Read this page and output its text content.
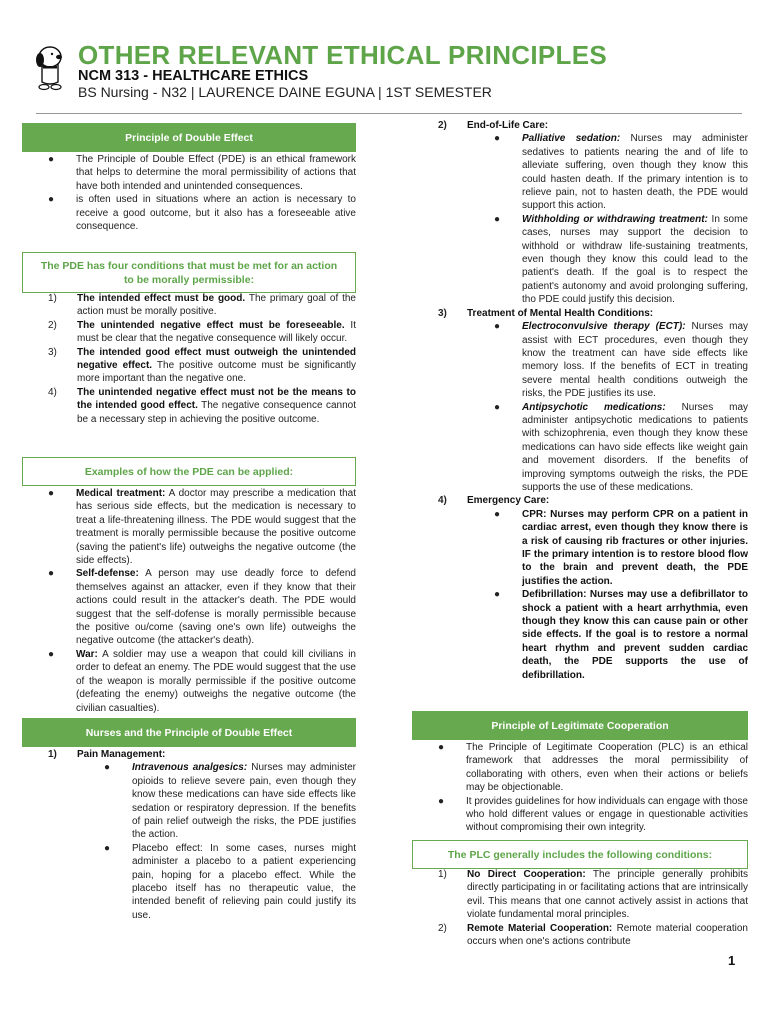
OTHER RELEVANT ETHICAL PRINCIPLES
NCM 313 - HEALTHCARE ETHICS
BS Nursing - N32 | LAURENCE DAINE EGUNA | 1ST SEMESTER
Principle of Double Effect
● The Principle of Double Effect (PDE) is an ethical framework that helps to determine the moral permissibility of actions that have both intended and unintended consequences.
● is often used in situations where an action is necessary to receive a good outcome, but it also has a foreseeable ative consequence.
The PDE has four conditions that must be met for an action to be morally permissible:
1) The intended effect must be good. The primary goal of the action must be morally positive.
2) The unintended negative effect must be foreseeable. It must be clear that the negative consequence will likely occur.
3) The intended good effect must outweigh the unintended negative effect. The positive outcome must be significantly more important than the negative one.
4) The unintended negative effect must not be the means to the intended good effect. The negative consequence cannot be a necessary step in achieving the positive outcome.
Examples of how the PDE can be applied:
● Medical treatment: A doctor may prescribe a medication that has serious side effects, but the medication is necessary to treat a life-threatening illness. The PDE would suggest that the treatment is morally permissible because the positive outcome (saving the patient's life) outweighs the negative outcome (the side effects).
● Self-defense: A person may use deadly force to defend themselves against an attacker, even if they know that their actions could result in the attacker's death. The PDE would suggest that the self-dofense is morally permissible because the positive ou/come (saving one's own life) outweighs the negative outcome (the attacker's death).
● War: A soldier may use a weapon that could kill civilians in order to defeat an enemy. The PDE would suggest that the use of the weapon is morally permissible if the positive outcome (defeating the enemy) outweighs the negative outcome (the civilian casualties).
Nurses and the Principle of Double Effect
1) Pain Management:
● Intravenous analgesics: Nurses may administer opioids to relieve severe pain, even though they know these medications can have side effects like sedation or respiratory depression. If the benefits of pain relief outweigh the risks, the PDE justifies the action.
● Placebo effect: In some cases, nurses might administer a placebo to a patient experiencing pain, hoping for a placebo effect. While the placebo itself has no therapeutic value, the intended benefit of relieving pain could justify its use.
2) End-of-Life Care:
● Palliative sedation: Nurses may administer sedatives to patients nearing the and of life to alleviate suffering, oven though they know this could hasten death. If the primary intention is to relieve pain, not to hasten death, the PDE would support this action.
● Withholding or withdrawing treatment: In some cases, nurses may support the decision to withhold or withdraw life-sustaining treatments, even though they know this could lead to the patient's death. If the goal is to respect the patient's autonomy and avoid prolonging suffering, tho PDE could justify this decision.
3) Treatment of Mental Health Conditions:
● Electroconvulsive therapy (ECT): Nurses may assist with ECT procedures, even though they know the treatment can have side effects like memory loss. If the benefits of ECT in treating severe mental health conditions outweigh the risks, the PDE justifies its use.
● Antipsychotic medications: Nurses may administer antipsychotic medications to patients with schizophrenia, even though they know these medications can havo side effects like weight gain and movement disorders. If the benefits of improving symptoms outweigh the risks, the PDE supports the use of these medications.
4) Emergency Care:
● CPR: Nurses may perform CPR on a patient in cardiac arrest, even though they know there is a risk of causing rib fractures or other injuries. IF the primary intention is to restore blood flow to the brain and prevent death, the PDE justifies the action.
● Defibrillation: Nurses may use a defibrillator to shock a patient with a heart arrhythmia, even though they know this can cause pain or other side effects. If the goal is to restore a normal heart rhythm and prevent sudden cardiac death, the PDE supports the use of defibrillation.
Principle of Legitimate Cooperation
● The Principle of Legitimate Cooperation (PLC) is an ethical framework that addresses the moral permissibility of collaborating with others, even when their actions or beliefs may be objectionable.
● It provides guidelines for how individuals can engage with those who hold different values or engage in questionable activities without compromising their own integrity.
The PLC generally includes the following conditions:
1) No Direct Cooperation: The principle generally prohibits directly participating in or facilitating actions that are intrinsically evil. This means that one cannot actively assist in actions that violate fundamental moral principles.
2) Remote Material Cooperation: Remote material cooperation occurs when one's actions contribute
1
